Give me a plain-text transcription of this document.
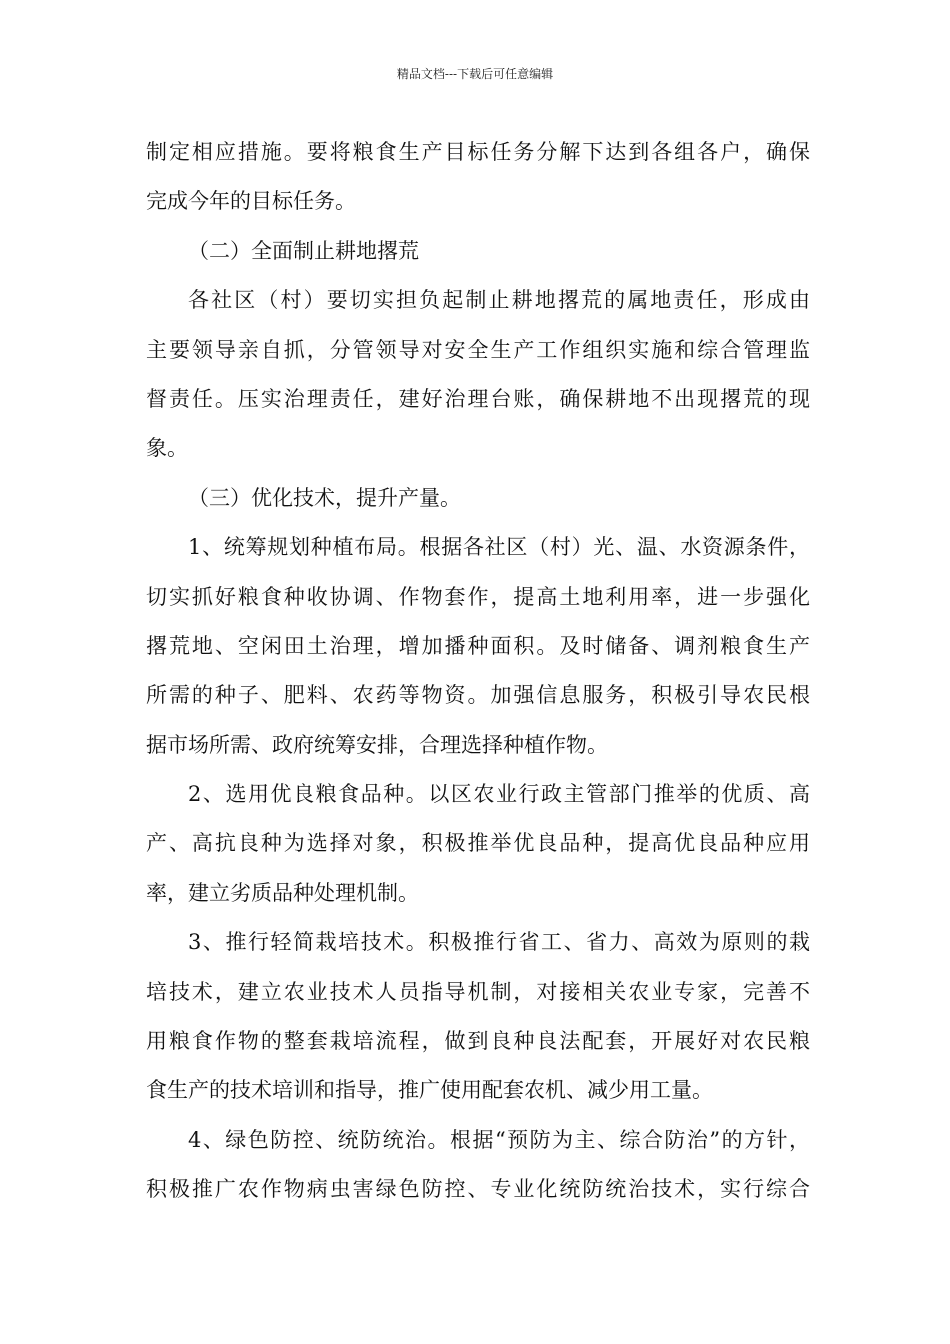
精品文档---下载后可任意编辑
制定相应措施。要将粮食生产目标任务分解下达到各组各户，确保
完成今年的目标任务。
（二）全面制止耕地撂荒
各社区（村）要切实担负起制止耕地撂荒的属地责任，形成由
主要领导亲自抓，分管领导对安全生产工作组织实施和综合管理监
督责任。压实治理责任，建好治理台账，确保耕地不出现撂荒的现
象。
（三）优化技术，提升产量。
1、统筹规划种植布局。根据各社区（村）光、温、水资源条件，
切实抓好粮食种收协调、作物套作，提高土地利用率，进一步强化
撂荒地、空闲田土治理，增加播种面积。及时储备、调剂粮食生产
所需的种子、肥料、农药等物资。加强信息服务，积极引导农民根
据市场所需、政府统筹安排，合理选择种植作物。
2、选用优良粮食品种。以区农业行政主管部门推举的优质、高
产、高抗良种为选择对象，积极推举优良品种，提高优良品种应用
率，建立劣质品种处理机制。
3、推行轻简栽培技术。积极推行省工、省力、高效为原则的栽
培技术，建立农业技术人员指导机制，对接相关农业专家，完善不
用粮食作物的整套栽培流程，做到良种良法配套，开展好对农民粮
食生产的技术培训和指导，推广使用配套农机、减少用工量。
4、绿色防控、统防统治。根据“预防为主、综合防治”的方针，
积极推广农作物病虫害绿色防控、专业化统防统治技术，实行综合
